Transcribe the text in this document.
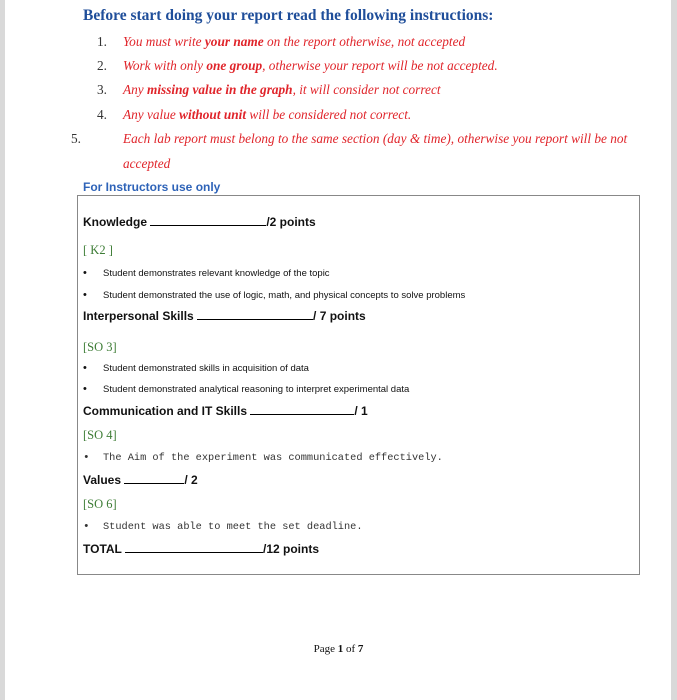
Before start doing your report read the following instructions:
1. You must write your name on the report otherwise, not accepted
2. Work with only one group, otherwise your report will be not accepted.
3. Any missing value in the graph, it will consider not correct
4. Any value without unit will be considered not correct.
5.	Each lab report must belong to the same section (day & time), otherwise you report will be not accepted
For Instructors use only
Knowledge	/2 points
[ K2 ]
• Student demonstrates relevant knowledge of the topic
• Student demonstrated the use of logic, math, and physical concepts to solve problems
Interpersonal Skills	/ 7 points
[SO 3]
• Student demonstrated skills in acquisition of data
• Student demonstrated analytical reasoning to interpret experimental data
Communication and IT Skills	/ 1
[SO 4]
• The Aim of the experiment was communicated effectively.
Values	/ 2
[SO 6]
• Student was able to meet the set deadline.
TOTAL	/12 points
Page 1 of 7
